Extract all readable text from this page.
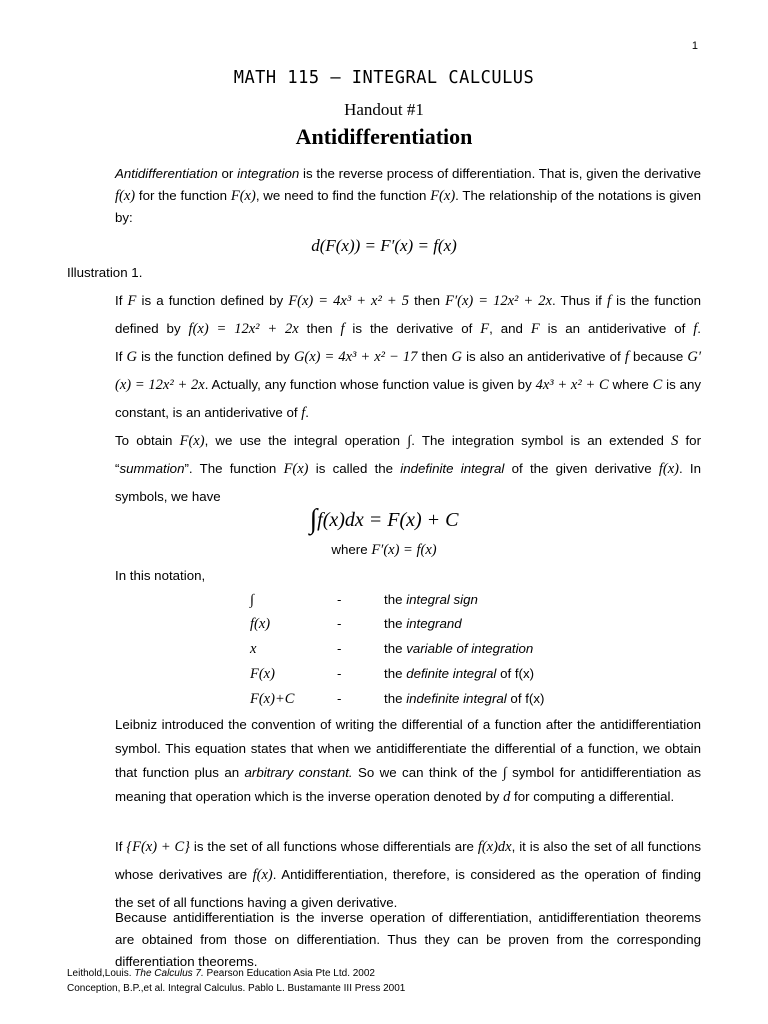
1
MATH 115 – INTEGRAL CALCULUS
Handout #1
Antidifferentiation
Antidifferentiation or integration is the reverse process of differentiation. That is, given the derivative f(x) for the function F(x), we need to find the function F(x). The relationship of the notations is given by:
d(F(x)) = F′(x) = f(x)
Illustration 1.
If F is a function defined by F(x) = 4x³ + x² + 5 then F′(x) = 12x² + 2x. Thus if f is the function defined by f(x) = 12x² + 2x then f is the derivative of F, and F is an antiderivative of f.
If G is the function defined by G(x) = 4x³ + x² − 17 then G is also an antiderivative of f because G′(x) = 12x² + 2x. Actually, any function whose function value is given by 4x³ + x² + C where C is any constant, is an antiderivative of f.
To obtain F(x), we use the integral operation ∫. The integration symbol is an extended S for “summation”. The function F(x) is called the indefinite integral of the given derivative f(x). In symbols, we have
∫f(x)dx = F(x) + C
where F′(x) = f(x)
In this notation,
∫	-	the integral sign
f(x)	-	the integrand
x	-	the variable of integration
F(x)	-	the definite integral of f(x)
F(x)+C	-	the indefinite integral of f(x)
Leibniz introduced the convention of writing the differential of a function after the antidifferentiation symbol. This equation states that when we antidifferentiate the differential of a function, we obtain that function plus an arbitrary constant. So we can think of the ∫ symbol for antidifferentiation as meaning that operation which is the inverse operation denoted by d for computing a differential.
If {F(x) + C} is the set of all functions whose differentials are f(x)dx, it is also the set of all functions whose derivatives are f(x). Antidifferentiation, therefore, is considered as the operation of finding the set of all functions having a given derivative.
Because antidifferentiation is the inverse operation of differentiation, antidifferentiation theorems are obtained from those on differentiation. Thus they can be proven from the corresponding differentiation theorems.
Leithold,Louis. The Calculus 7. Pearson Education Asia Pte Ltd. 2002
Conception, B.P.,et al. Integral Calculus. Pablo L. Bustamante III Press 2001
